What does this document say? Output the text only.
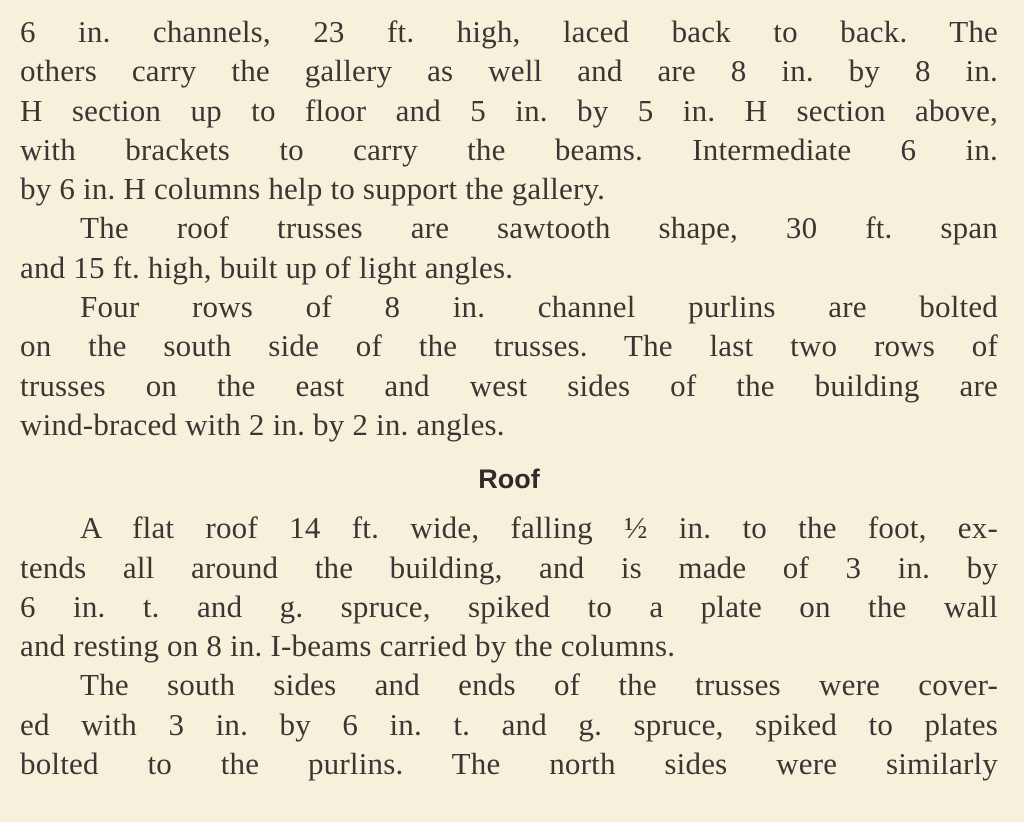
6 in. channels, 23 ft. high, laced back to back. The
others carry the gallery as well and are 8 in. by 8 in.
H section up to floor and 5 in. by 5 in. H section above,
with brackets to carry the beams. Intermediate 6 in.
by 6 in. H columns help to support the gallery.
The roof trusses are sawtooth shape, 30 ft. span
and 15 ft. high, built up of light angles.
Four rows of 8 in. channel purlins are bolted
on the south side of the trusses. The last two rows of
trusses on the east and west sides of the building are
wind-braced with 2 in. by 2 in. angles.
Roof
A flat roof 14 ft. wide, falling ½ in. to the foot, ex-
tends all around the building, and is made of 3 in. by
6 in. t. and g. spruce, spiked to a plate on the wall
and resting on 8 in. I-beams carried by the columns.
The south sides and ends of the trusses were cover-
ed with 3 in. by 6 in. t. and g. spruce, spiked to plates
bolted to the purlins. The north sides were similarly
